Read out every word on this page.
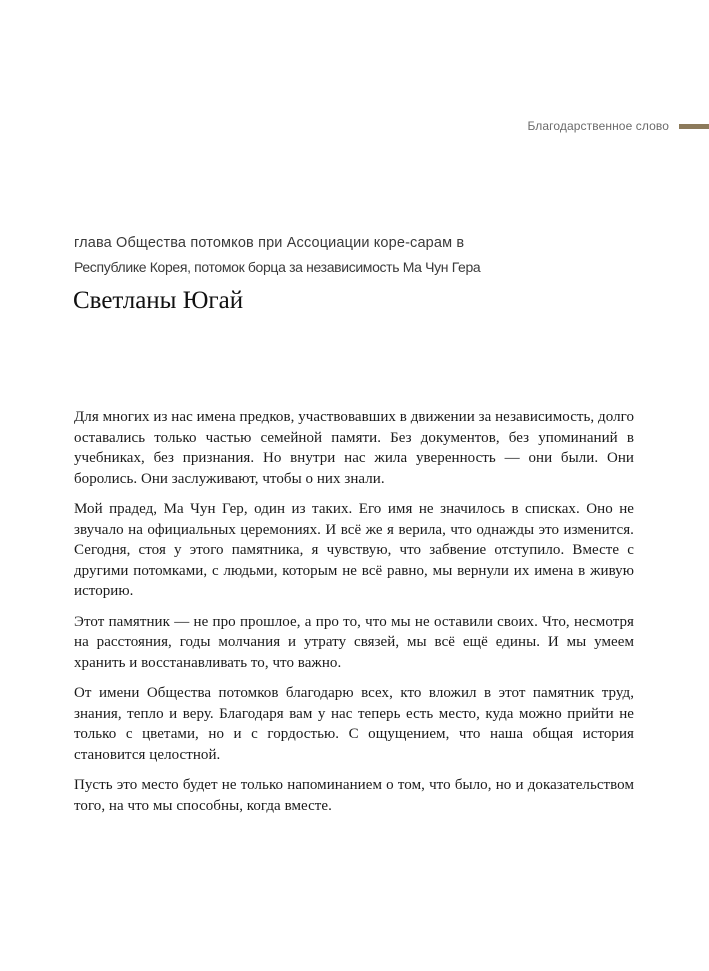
Благодарственное слово
глава Общества потомков при Ассоциации коре-сарам в
Республике Корея, потомок борца за независимость Ма Чун Гера
Светланы Югай

Для многих из нас имена предков, участвовавших в движении за независимость, долго оставались только частью семейной памяти. Без документов, без упоминаний в учебниках, без признания. Но внутри нас жила уверенность — они были. Они боролись. Они заслуживают, чтобы о них знали.

Мой прадед, Ма Чун Гер, один из таких. Его имя не значилось в списках. Оно не звучало на официальных церемониях. И всё же я верила, что однажды это изменится. Сегодня, стоя у этого памятника, я чувствую, что забвение отступило. Вместе с другими потомками, с людьми, которым не всё равно, мы вернули их имена в живую историю.

Этот памятник — не про прошлое, а про то, что мы не оставили своих. Что, несмотря на расстояния, годы молчания и утрату связей, мы всё ещё едины. И мы умеем хранить и восстанавливать то, что важно.

От имени Общества потомков благодарю всех, кто вложил в этот памятник труд, знания, тепло и веру. Благодаря вам у нас теперь есть место, куда можно прийти не только с цветами, но и с гордостью. С ощущением, что наша общая история становится целостной.

Пусть это место будет не только напоминанием о том, что было, но и доказательством того, на что мы способны, когда вместе.
